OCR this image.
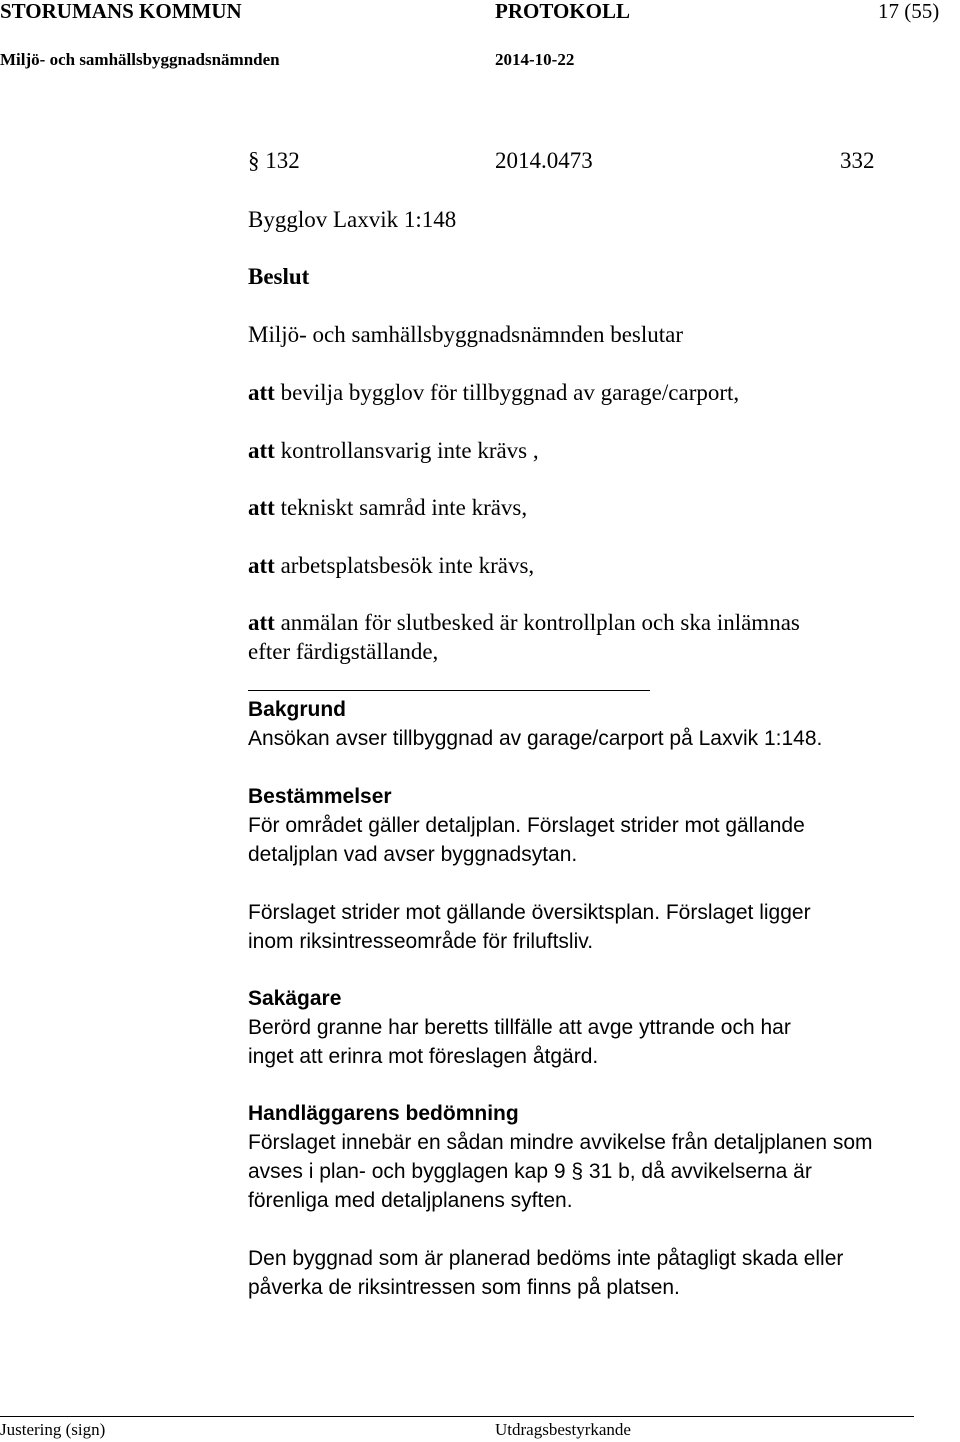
STORUMANS KOMMUN	PROTOKOLL	17 (55)
Miljö- och samhällsbyggnadsnämnden	2014-10-22
§ 132	2014.0473	332
Bygglov Laxvik 1:148
Beslut
Miljö- och samhällsbyggnadsnämnden beslutar
att bevilja bygglov för tillbyggnad av garage/carport,
att kontrollansvarig inte krävs ,
att tekniskt samråd inte krävs,
att arbetsplatsbesök inte krävs,
att anmälan för slutbesked är kontrollplan och ska inlämnas
efter färdigställande,
Bakgrund
Ansökan avser tillbyggnad av garage/carport på Laxvik 1:148.
Bestämmelser
För området gäller detaljplan. Förslaget strider mot gällande
detaljplan vad avser byggnadsytan.
Förslaget strider mot gällande översiktsplan. Förslaget ligger
inom riksintresseområde för friluftsliv.
Sakägare
Berörd granne har beretts tillfälle att avge yttrande och har
inget att erinra mot föreslagen åtgärd.
Handläggarens bedömning
Förslaget innebär en sådan mindre avvikelse från detaljplanen som
avses i plan- och bygglagen kap 9 § 31 b, då avvikelserna är
förenliga med detaljplanens syften.
Den byggnad som är planerad bedöms inte påtagligt skada eller
påverka de riksintressen som finns på platsen.
Justering (sign)	Utdragsbestyrkande
